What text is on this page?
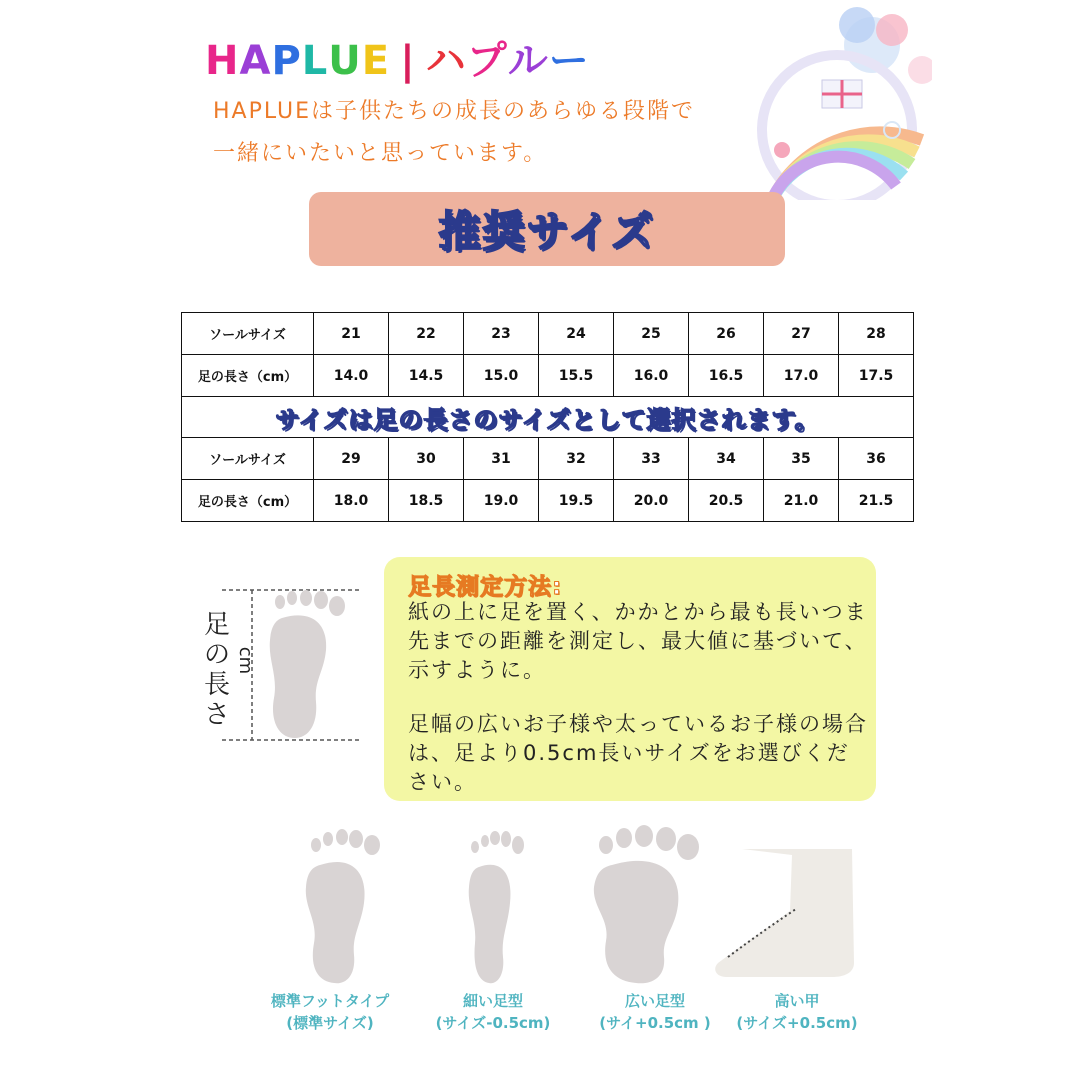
HAPLUE | ハプルー
HAPLUEは子供たちの成長のあらゆる段階で
一緒にいたいと思っています。
推奨サイズ
ソールサイズ	21	22	23	24	25	26	27	28
足の長さ（cm）	14.0	14.5	15.0	15.5	16.0	16.5	17.0	17.5
サイズは足の長さのサイズとして選択されます。								
ソールサイズ	29	30	31	32	33	34	35	36
足の長さ（cm）	18.0	18.5	19.0	19.5	20.0	20.5	21.0	21.5
足
の
長
さ
cm
足長測定方法:

紙の上に足を置く、かかとから最も長いつま先までの距離を測定し、最大値に基づいて、示すように。

足幅の広いお子様や太っているお子様の場合は、足より0.5cm長いサイズをお選びください。

標準フットタイプ
(標準サイズ)
細い足型
(サイズ-0.5cm)
広い足型
(サイ+0.5cm )
高い甲
(サイズ+0.5cm)
